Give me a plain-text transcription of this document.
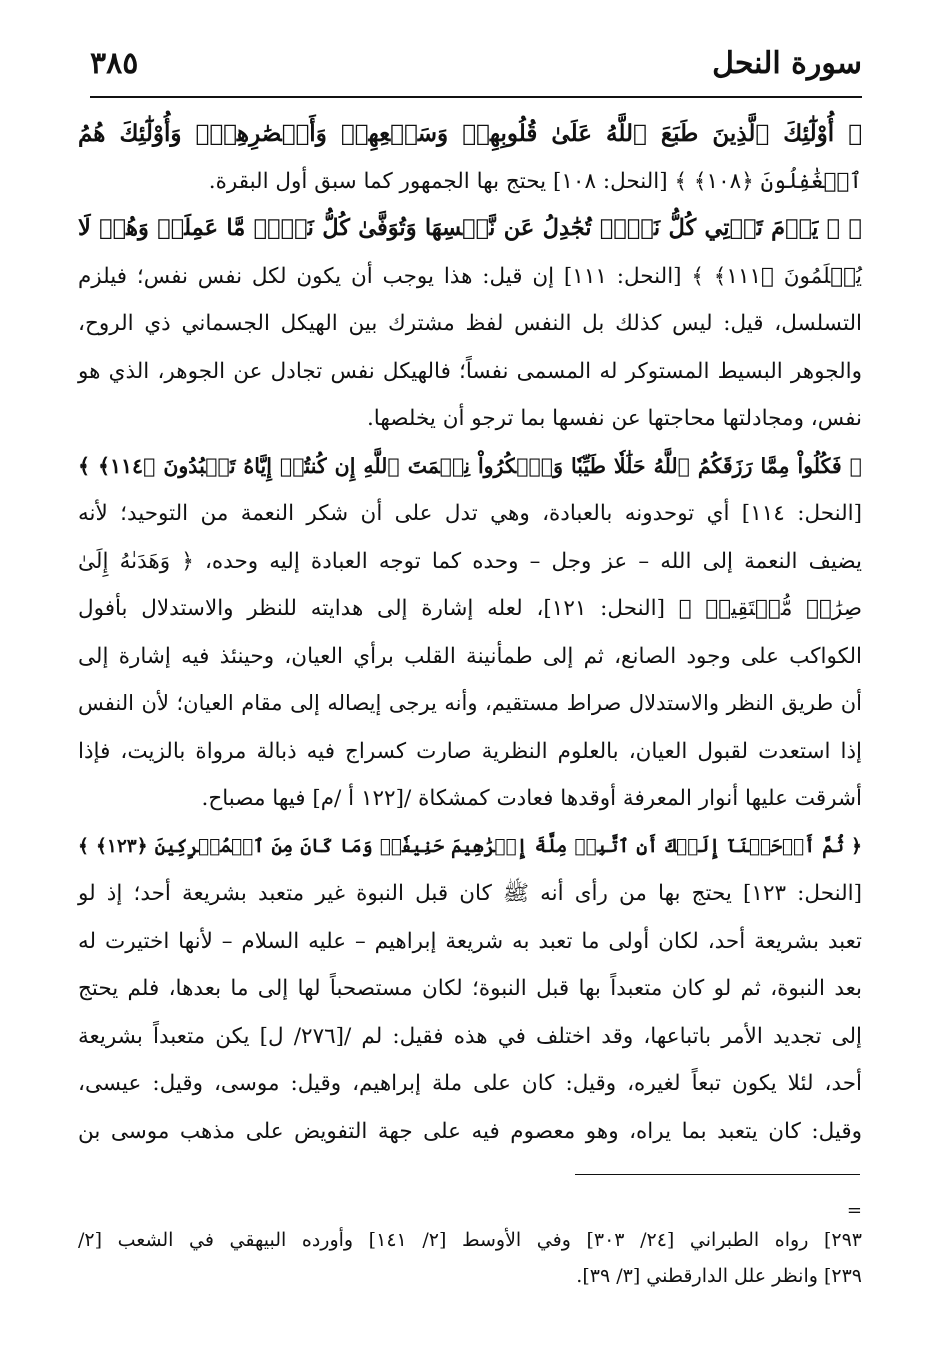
سورة النحل
٣٨٥
﴿ أُوْلَٰٓئِكَ ٱلَّذِينَ طَبَعَ ٱللَّهُ عَلَىٰ قُلُوبِهِمۡ وَسَمۡعِهِمۡ وَأَبۡصَٰرِهِمۡۖ وَأُوْلَٰٓئِكَ هُمُ
ٱلۡغَٰفِلُونَ ﴿١٠٨﴾ ﴾ [النحل: ١٠٨] يحتج بها الجمهور كما سبق أول البقرة.
﴿ ۞ يَوۡمَ تَأۡتِي كُلُّ نَفۡسٖ تُجَٰدِلُ عَن نَّفۡسِهَا وَتُوَفَّىٰ كُلُّ نَفۡسٖ مَّا عَمِلَتۡ وَهُمۡ لَا
يُظۡلَمُونَ ﴿١١١﴾ ﴾ [النحل: ١١١] إن قيل: هذا يوجب أن يكون لكل نفس نفس؛ فيلزم
التسلسل، قيل: ليس كذلك بل النفس لفظ مشترك بين الهيكل الجسماني ذي الروح،
والجوهر البسيط المستوكر له المسمى نفساً؛ فالهيكل نفس تجادل عن الجوهر، الذي هو
نفس، ومجادلتها محاجتها عن نفسها بما ترجو أن يخلصها.
﴿ فَكُلُواْ مِمَّا رَزَقَكُمُ ٱللَّهُ حَلَٰلٗا طَيِّبٗا وَٱشۡكُرُواْ نِعۡمَتَ ٱللَّهِ إِن كُنتُمۡ إِيَّاهُ تَعۡبُدُونَ ﴿١١٤﴾ ﴾
[النحل: ١١٤] أي توحدونه بالعبادة، وهي تدل على أن شكر النعمة من التوحيد؛ لأنه
يضيف النعمة إلى الله – عز وجل – وحده كما توجه العبادة إليه وحده، ﴿ وَهَدَىٰهُ إِلَىٰ
صِرَٰطٖ مُّسۡتَقِيمٖ ﴾ [النحل: ١٢١]، لعله إشارة إلى هدايته للنظر والاستدلال بأفول
الكواكب على وجود الصانع، ثم إلى طمأنينة القلب برأي العيان، وحينئذ فيه إشارة إلى
أن طريق النظر والاستدلال صراط مستقيم، وأنه يرجى إيصاله إلى مقام العيان؛ لأن النفس
إذا استعدت لقبول العيان، بالعلوم النظرية صارت كسراج فيه ذبالة مرواة بالزيت، فإذا
أشرقت عليها أنوار المعرفة أوقدها فعادت كمشكاة /[١٢٢ أ /م] فيها مصباح.
﴿ ثُمَّ أَوۡحَيۡنَآ إِلَيۡكَ أَنِ ٱتَّبِعۡ مِلَّةَ إِبۡرَٰهِيمَ حَنِيفٗاۖ وَمَا كَانَ مِنَ ٱلۡمُشۡرِكِينَ ﴿١٢٣﴾ ﴾
[النحل: ١٢٣] يحتج بها من رأى أنه ﷺ كان قبل النبوة غير متعبد بشريعة أحد؛ إذ لو
تعبد بشريعة أحد، لكان أولى ما تعبد به شريعة إبراهيم – عليه السلام – لأنها اختيرت له
بعد النبوة، ثم لو كان متعبداً بها قبل النبوة؛ لكان مستصحباً لها إلى ما بعدها، فلم يحتج
إلى تجديد الأمر باتباعها، وقد اختلف في هذه فقيل: لم /[٢٧٦/ ل] يكن متعبداً بشريعة
أحد، لئلا يكون تبعاً لغيره، وقيل: كان على ملة إبراهيم، وقيل: موسى، وقيل: عيسى،
وقيل: كان يتعبد بما يراه، وهو معصوم فيه على جهة التفويض على مذهب موسى بن
=
٢٩٣] رواه الطبراني [٢٤/ ٣٠٣] وفي الأوسط [٢/ ١٤١] وأورده البيهقي في الشعب [٢/
٢٣٩] وانظر علل الدارقطني [٣/ ٣٩].
